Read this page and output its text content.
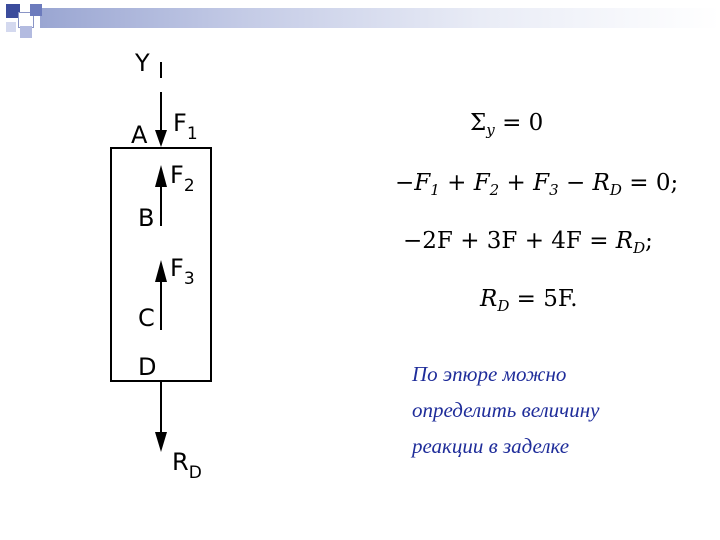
Y
$F_1$
A
$F_2$
B
$F_3$
C
D
$R_D$
$\Sigma_y = 0$
$-F_1 + F_2 + F_3 - R_D = 0$;
$-2F + 3F + 4F = R_D$;
$R_D = 5F$.
По эпюре можно
определить величину
реакции в заделке
